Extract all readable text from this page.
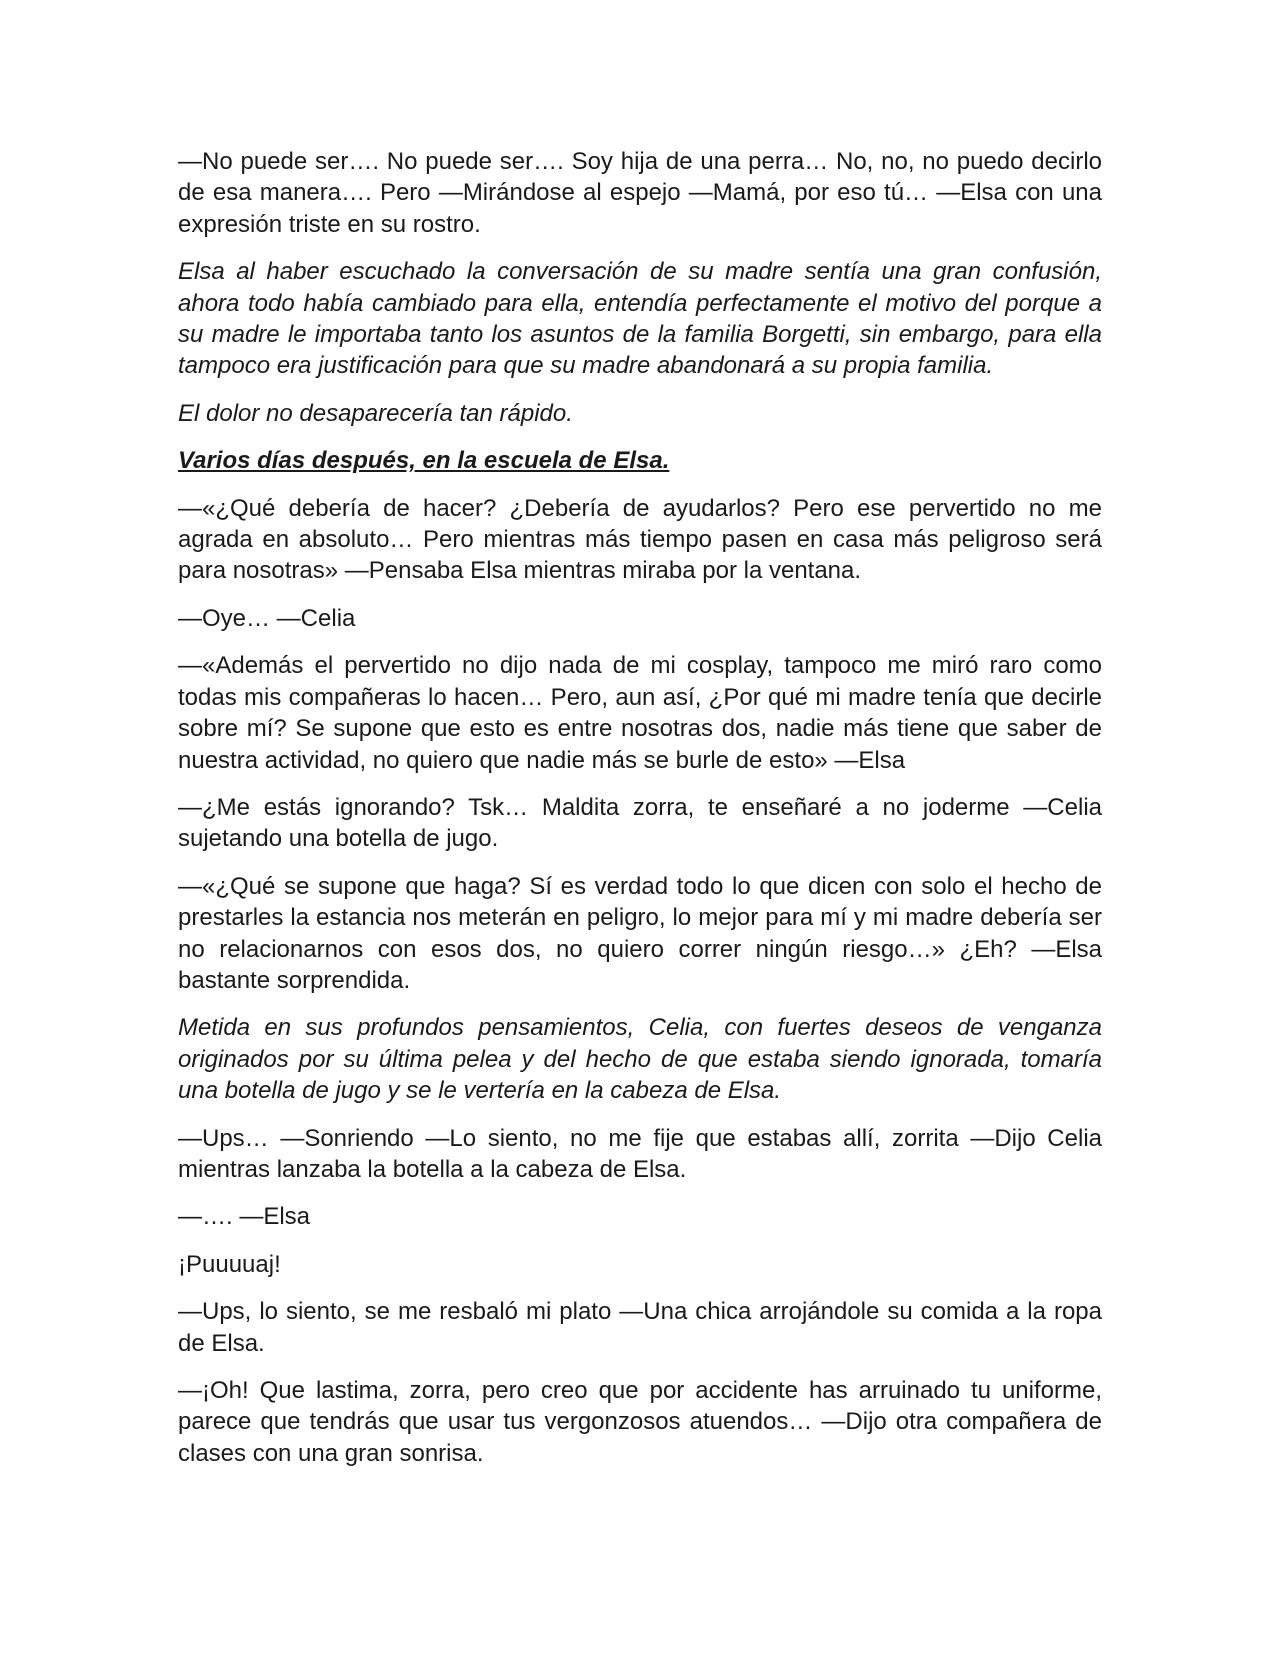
—No puede ser…. No puede ser…. Soy hija de una perra… No, no, no puedo decirlo de esa manera…. Pero —Mirándose al espejo —Mamá, por eso tú… —Elsa con una expresión triste en su rostro.

Elsa al haber escuchado la conversación de su madre sentía una gran confusión, ahora todo había cambiado para ella, entendía perfectamente el motivo del porque a su madre le importaba tanto los asuntos de la familia Borgetti, sin embargo, para ella tampoco era justificación para que su madre abandonará a su propia familia.

El dolor no desaparecería tan rápido.

Varios días después, en la escuela de Elsa.

—«¿Qué debería de hacer? ¿Debería de ayudarlos? Pero ese pervertido no me agrada en absoluto… Pero mientras más tiempo pasen en casa más peligroso será para nosotras» —Pensaba Elsa mientras miraba por la ventana.

—Oye… —Celia

—«Además el pervertido no dijo nada de mi cosplay, tampoco me miró raro como todas mis compañeras lo hacen… Pero, aun así, ¿Por qué mi madre tenía que decirle sobre mí? Se supone que esto es entre nosotras dos, nadie más tiene que saber de nuestra actividad, no quiero que nadie más se burle de esto» —Elsa

—¿Me estás ignorando? Tsk… Maldita zorra, te enseñaré a no joderme —Celia sujetando una botella de jugo.

—«¿Qué se supone que haga? Sí es verdad todo lo que dicen con solo el hecho de prestarles la estancia nos meterán en peligro, lo mejor para mí y mi madre debería ser no relacionarnos con esos dos, no quiero correr ningún riesgo…» ¿Eh? —Elsa bastante sorprendida.

Metida en sus profundos pensamientos, Celia, con fuertes deseos de venganza originados por su última pelea y del hecho de que estaba siendo ignorada, tomaría una botella de jugo y se le vertería en la cabeza de Elsa.

—Ups… —Sonriendo —Lo siento, no me fije que estabas allí, zorrita —Dijo Celia mientras lanzaba la botella a la cabeza de Elsa.

—…. —Elsa

¡Puuuuaj!

—Ups, lo siento, se me resbaló mi plato —Una chica arrojándole su comida a la ropa de Elsa.

—¡Oh! Que lastima, zorra, pero creo que por accidente has arruinado tu uniforme, parece que tendrás que usar tus vergonzosos atuendos… —Dijo otra compañera de clases con una gran sonrisa.
